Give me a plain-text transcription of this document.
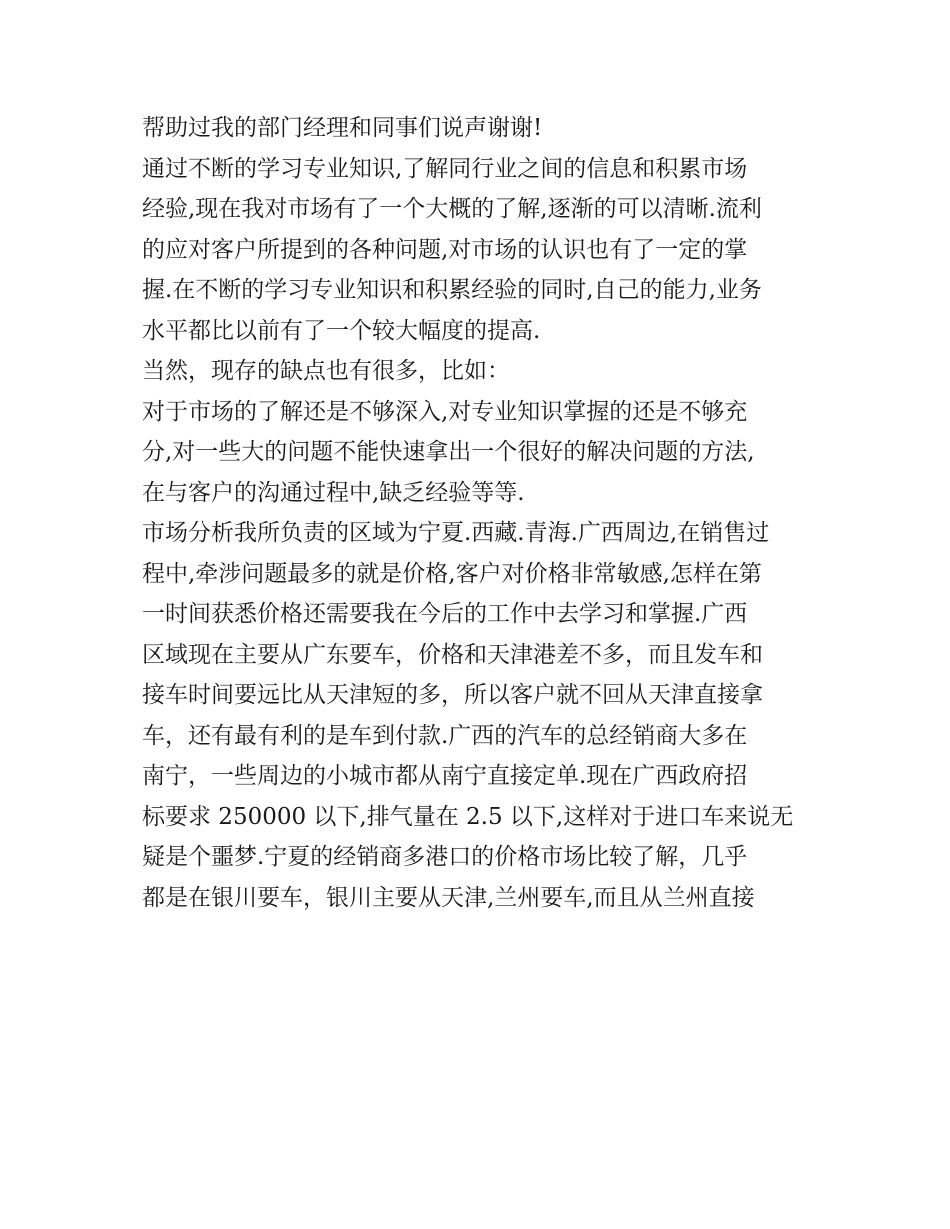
帮助过我的部门经理和同事们说声谢谢!
通过不断的学习专业知识,了解同行业之间的信息和积累市场
经验,现在我对市场有了一个大概的了解,逐渐的可以清晰.流利
的应对客户所提到的各种问题,对市场的认识也有了一定的掌
握.在不断的学习专业知识和积累经验的同时,自己的能力,业务
水平都比以前有了一个较大幅度的提高.
当然，现存的缺点也有很多，比如：
对于市场的了解还是不够深入,对专业知识掌握的还是不够充
分,对一些大的问题不能快速拿出一个很好的解决问题的方法,
在与客户的沟通过程中,缺乏经验等等.
市场分析我所负责的区域为宁夏.西藏.青海.广西周边,在销售过
程中,牵涉问题最多的就是价格,客户对价格非常敏感,怎样在第
一时间获悉价格还需要我在今后的工作中去学习和掌握.广西
区域现在主要从广东要车，价格和天津港差不多，而且发车和
接车时间要远比从天津短的多，所以客户就不回从天津直接拿
车，还有最有利的是车到付款.广西的汽车的总经销商大多在
南宁，一些周边的小城市都从南宁直接定单.现在广西政府招
标要求 250000 以下,排气量在 2.5 以下,这样对于进口车来说无
疑是个噩梦.宁夏的经销商多港口的价格市场比较了解，几乎
都是在银川要车，银川主要从天津,兰州要车,而且从兰州直接
